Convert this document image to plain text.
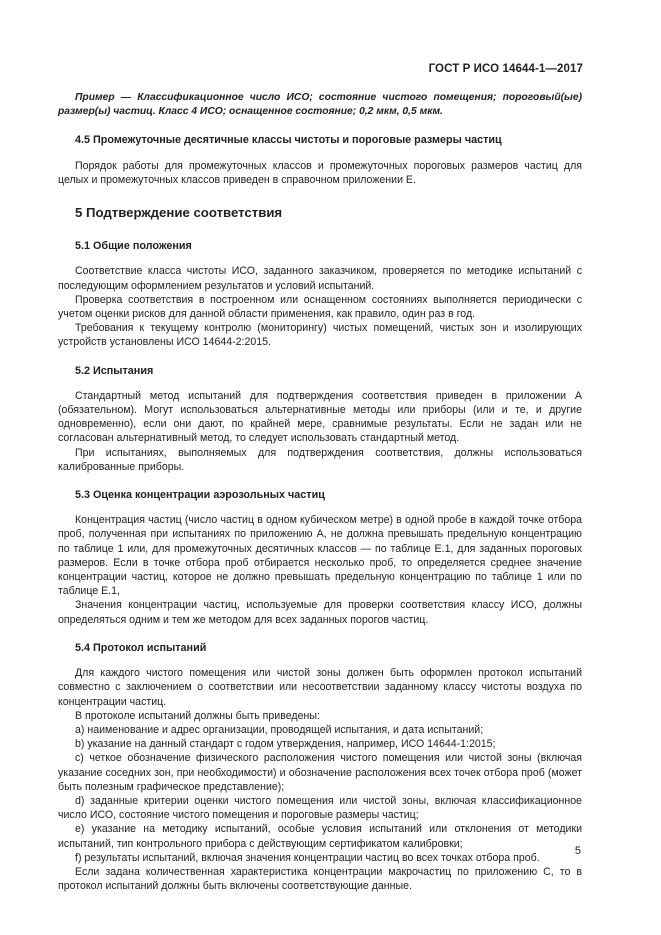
ГОСТ Р ИСО 14644-1—2017

Пример — Классификационное число ИСО; состояние чистого помещения; пороговый(ые) размер(ы) частиц. Класс 4 ИСО; оснащенное состояние; 0,2 мкм, 0,5 мкм.

4.5 Промежуточные десятичные классы чистоты и пороговые размеры частиц

Порядок работы для промежуточных классов и промежуточных пороговых размеров частиц для целых и промежуточных классов приведен в справочном приложении Е.

5 Подтверждение соответствия

5.1 Общие положения

Соответствие класса чистоты ИСО, заданного заказчиком, проверяется по методике испытаний с последующим оформлением результатов и условий испытаний.

Проверка соответствия в построенном или оснащенном состояниях выполняется периодически с учетом оценки рисков для данной области применения, как правило, один раз в год.

Требования к текущему контролю (мониторингу) чистых помещений, чистых зон и изолирующих устройств установлены ИСО 14644-2:2015.

5.2 Испытания

Стандартный метод испытаний для подтверждения соответствия приведен в приложении А (обязательном). Могут использоваться альтернативные методы или приборы (или и те, и другие одновременно), если они дают, по крайней мере, сравнимые результаты. Если не задан или не согласован альтернативный метод, то следует использовать стандартный метод.

При испытаниях, выполняемых для подтверждения соответствия, должны использоваться калиброванные приборы.

5.3 Оценка концентрации аэрозольных частиц

Концентрация частиц (число частиц в одном кубическом метре) в одной пробе в каждой точке отбора проб, полученная при испытаниях по приложению А, не должна превышать предельную концентрацию по таблице 1 или, для промежуточных десятичных классов — по таблице Е.1, для заданных пороговых размеров. Если в точке отбора проб отбирается несколько проб, то определяется среднее значение концентрации частиц, которое не должно превышать предельную концентрацию по таблице 1 или по таблице Е.1,

Значения концентрации частиц, используемые для проверки соответствия классу ИСО, должны определяться одним и тем же методом для всех заданных порогов частиц.

5.4 Протокол испытаний

Для каждого чистого помещения или чистой зоны должен быть оформлен протокол испытаний совместно с заключением о соответствии или несоответствии заданному классу чистоты воздуха по концентрации частиц.

В протоколе испытаний должны быть приведены:

а) наименование и адрес организации, проводящей испытания, и дата испытаний;

b) указание на данный стандарт с годом утверждения, например, ИСО 14644-1:2015;

c) четкое обозначение физического расположения чистого помещения или чистой зоны (включая указание соседних зон, при необходимости) и обозначение расположения всех точек отбора проб (может быть полезным графическое представление);

d) заданные критерии оценки чистого помещения или чистой зоны, включая классификационное число ИСО, состояние чистого помещения и пороговые размеры частиц;

e) указание на методику испытаний, особые условия испытаний или отклонения от методики испытаний, тип контрольного прибора с действующим сертификатом калибровки;

f) результаты испытаний, включая значения концентрации частиц во всех точках отбора проб.

Если задана количественная характеристика концентрации макрочастиц по приложению С, то в протокол испытаний должны быть включены соответствующие данные.

5
